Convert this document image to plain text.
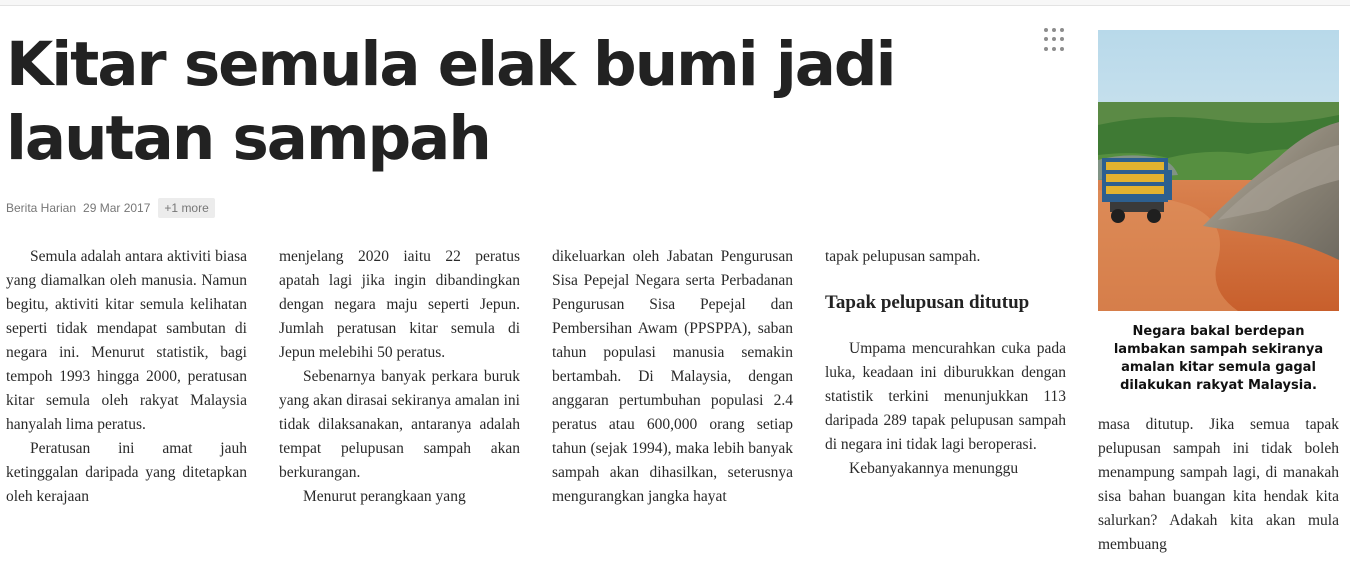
Kitar semula elak bumi jadi lautan sampah
Berita Harian 29 Mar 2017	+1 more

Semula adalah antara aktiviti biasa yang diamalkan oleh manusia. Namun begitu, aktiviti kitar semula kelihatan seperti tidak mendapat sambutan di negara ini. Menurut statistik, bagi tempoh 1993 hingga 2000, peratusan kitar semula oleh rakyat Malaysia hanyalah lima peratus.

Peratusan ini amat jauh ketinggalan daripada yang ditetapkan oleh kerajaan

menjelang 2020 iaitu 22 peratus apatah lagi jika ingin dibandingkan dengan negara maju seperti Jepun. Jumlah peratusan kitar semula di Jepun melebihi 50 peratus.

Sebenarnya banyak perkara buruk yang akan dirasai sekiranya amalan ini tidak dilaksanakan, antaranya adalah tempat pelupusan sampah akan berkurangan.

Menurut perangkaan yang

dikeluarkan oleh Jabatan Pengurusan Sisa Pepejal Negara serta Perbadanan Pengurusan Sisa Pepejal dan Pembersihan Awam (PPSPPA), saban tahun populasi manusia semakin bertambah. Di Malaysia, dengan anggaran pertumbuhan populasi 2.4 peratus atau 600,000 orang setiap tahun (sejak 1994), maka lebih banyak sampah akan dihasilkan, seterusnya mengurangkan jangka hayat

tapak pelupusan sampah.

Tapak pelupusan ditutup

Umpama mencurahkan cuka pada luka, keadaan ini diburukkan dengan statistik terkini menunjukkan 113 daripada 289 tapak pelupusan sampah di negara ini tidak lagi beroperasi.

Kebanyakannya menunggu

Negara bakal berdepan lambakan sampah sekiranya amalan kitar semula gagal dilakukan rakyat Malaysia.

masa ditutup. Jika semua tapak pelupusan sampah ini tidak boleh menampung sampah lagi, di manakah sisa bahan buangan kita hendak kita salurkan? Adakah kita akan mula membuang
